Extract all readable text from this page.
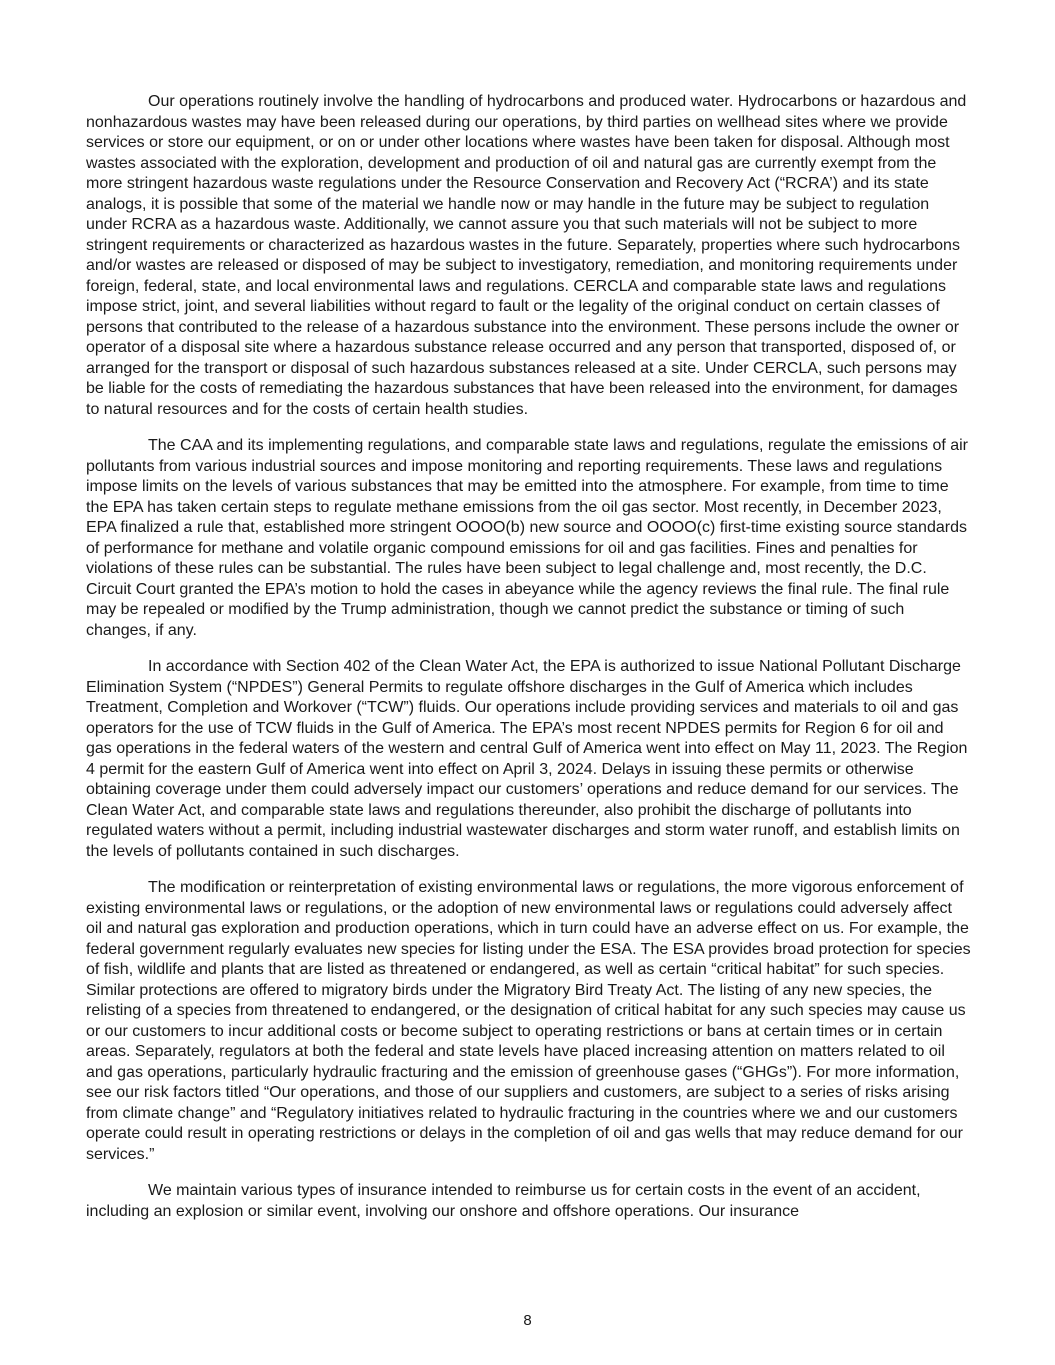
Our operations routinely involve the handling of hydrocarbons and produced water. Hydrocarbons or hazardous and nonhazardous wastes may have been released during our operations, by third parties on wellhead sites where we provide services or store our equipment, or on or under other locations where wastes have been taken for disposal. Although most wastes associated with the exploration, development and production of oil and natural gas are currently exempt from the more stringent hazardous waste regulations under the Resource Conservation and Recovery Act (“RCRA’) and its state analogs, it is possible that some of the material we handle now or may handle in the future may be subject to regulation under RCRA as a hazardous waste. Additionally, we cannot assure you that such materials will not be subject to more stringent requirements or characterized as hazardous wastes in the future. Separately, properties where such hydrocarbons and/or wastes are released or disposed of may be subject to investigatory, remediation, and monitoring requirements under foreign, federal, state, and local environmental laws and regulations. CERCLA and comparable state laws and regulations impose strict, joint, and several liabilities without regard to fault or the legality of the original conduct on certain classes of persons that contributed to the release of a hazardous substance into the environment. These persons include the owner or operator of a disposal site where a hazardous substance release occurred and any person that transported, disposed of, or arranged for the transport or disposal of such hazardous substances released at a site. Under CERCLA, such persons may be liable for the costs of remediating the hazardous substances that have been released into the environment, for damages to natural resources and for the costs of certain health studies.

The CAA and its implementing regulations, and comparable state laws and regulations, regulate the emissions of air pollutants from various industrial sources and impose monitoring and reporting requirements. These laws and regulations impose limits on the levels of various substances that may be emitted into the atmosphere. For example, from time to time the EPA has taken certain steps to regulate methane emissions from the oil gas sector. Most recently, in December 2023, EPA finalized a rule that, established more stringent OOOO(b) new source and OOOO(c) first-time existing source standards of performance for methane and volatile organic compound emissions for oil and gas facilities. Fines and penalties for violations of these rules can be substantial. The rules have been subject to legal challenge and, most recently, the D.C. Circuit Court granted the EPA’s motion to hold the cases in abeyance while the agency reviews the final rule. The final rule may be repealed or modified by the Trump administration, though we cannot predict the substance or timing of such changes, if any.

In accordance with Section 402 of the Clean Water Act, the EPA is authorized to issue National Pollutant Discharge Elimination System (“NPDES”) General Permits to regulate offshore discharges in the Gulf of America which includes Treatment, Completion and Workover (“TCW”) fluids. Our operations include providing services and materials to oil and gas operators for the use of TCW fluids in the Gulf of America. The EPA’s most recent NPDES permits for Region 6 for oil and gas operations in the federal waters of the western and central Gulf of America went into effect on May 11, 2023. The Region 4 permit for the eastern Gulf of America went into effect on April 3, 2024. Delays in issuing these permits or otherwise obtaining coverage under them could adversely impact our customers’ operations and reduce demand for our services. The Clean Water Act, and comparable state laws and regulations thereunder, also prohibit the discharge of pollutants into regulated waters without a permit, including industrial wastewater discharges and storm water runoff, and establish limits on the levels of pollutants contained in such discharges.

The modification or reinterpretation of existing environmental laws or regulations, the more vigorous enforcement of existing environmental laws or regulations, or the adoption of new environmental laws or regulations could adversely affect oil and natural gas exploration and production operations, which in turn could have an adverse effect on us. For example, the federal government regularly evaluates new species for listing under the ESA. The ESA provides broad protection for species of fish, wildlife and plants that are listed as threatened or endangered, as well as certain “critical habitat” for such species. Similar protections are offered to migratory birds under the Migratory Bird Treaty Act. The listing of any new species, the relisting of a species from threatened to endangered, or the designation of critical habitat for any such species may cause us or our customers to incur additional costs or become subject to operating restrictions or bans at certain times or in certain areas. Separately, regulators at both the federal and state levels have placed increasing attention on matters related to oil and gas operations, particularly hydraulic fracturing and the emission of greenhouse gases (“GHGs”). For more information, see our risk factors titled “Our operations, and those of our suppliers and customers, are subject to a series of risks arising from climate change” and “Regulatory initiatives related to hydraulic fracturing in the countries where we and our customers operate could result in operating restrictions or delays in the completion of oil and gas wells that may reduce demand for our services.”

We maintain various types of insurance intended to reimburse us for certain costs in the event of an accident, including an explosion or similar event, involving our onshore and offshore operations. Our insurance

8
